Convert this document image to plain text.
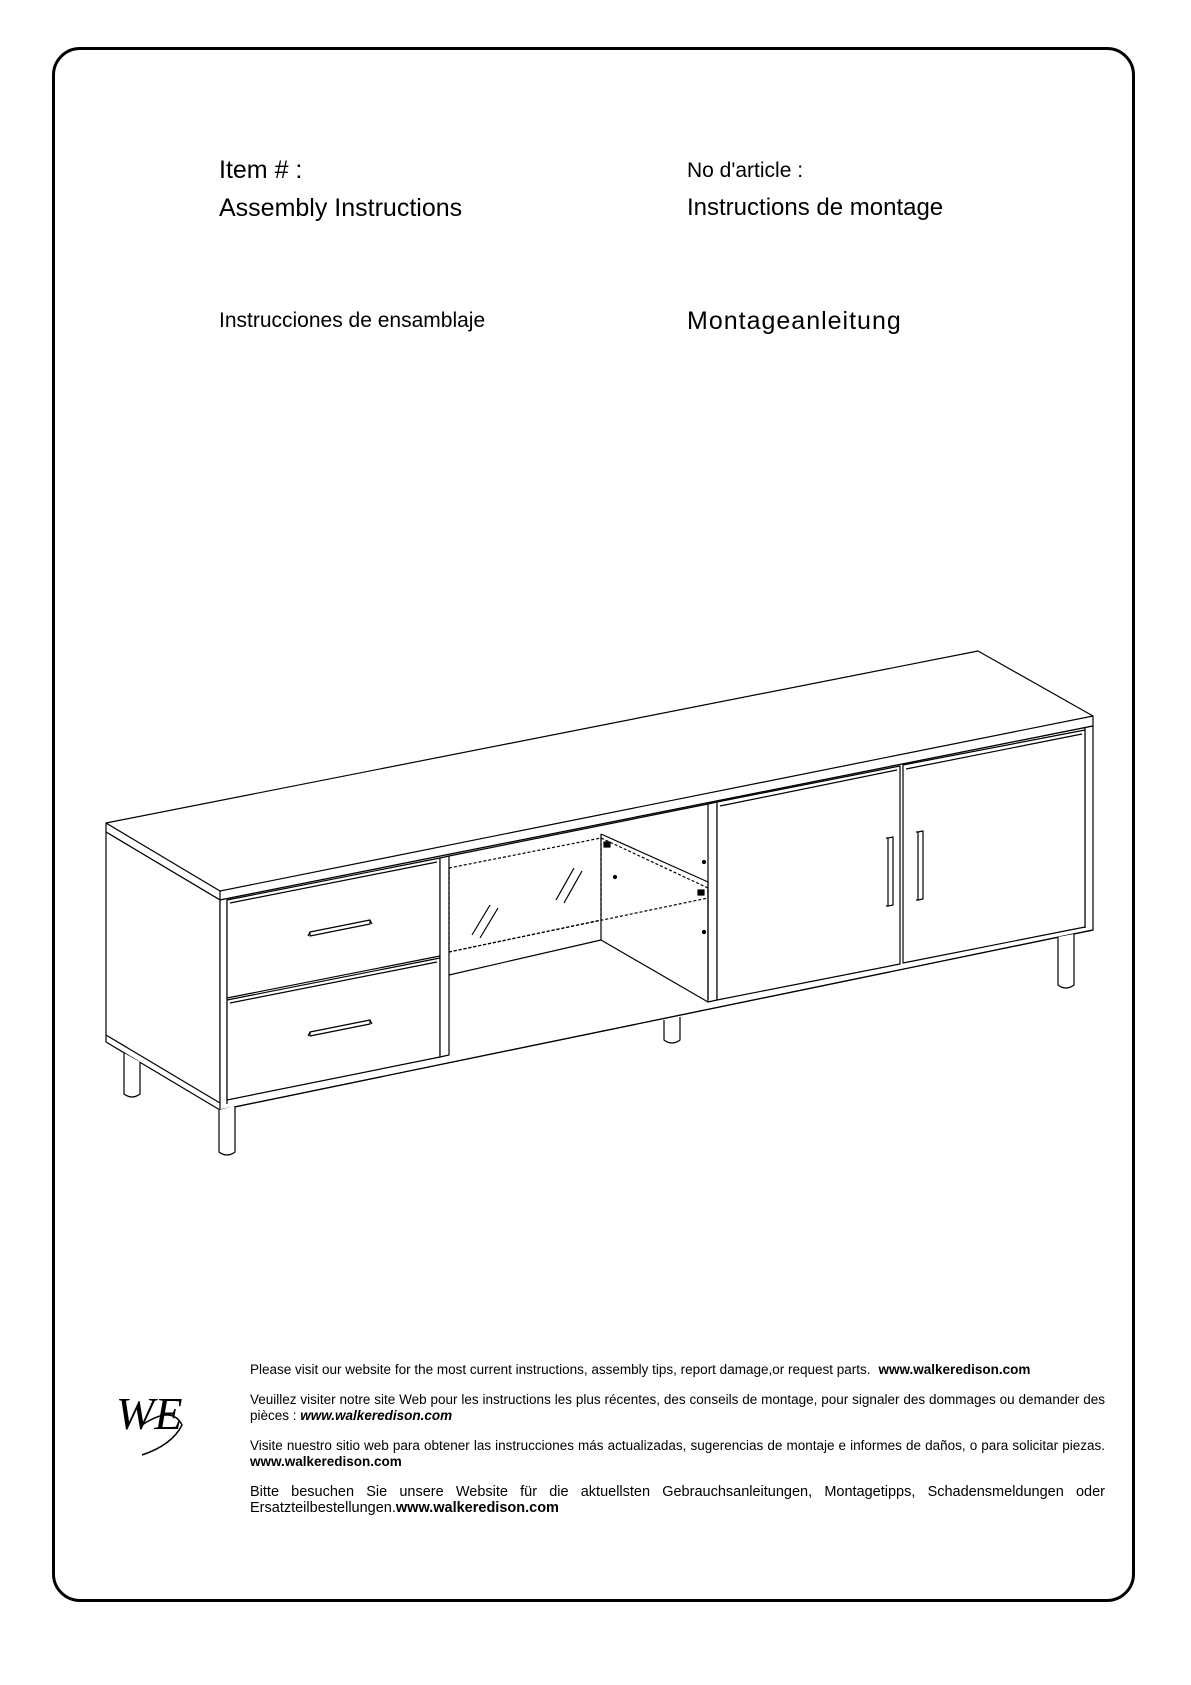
Item # :
Assembly Instructions
No d'article :
Instructions de montage
Instrucciones de ensamblaje	Montageanleitung
WE

Please visit our website for the most current instructions, assembly tips, report damage,or request parts. www.walkeredison.com

Veuillez visiter notre site Web pour les instructions les plus récentes, des conseils de montage, pour signaler des dommages ou demander des pièces : www.walkeredison.com

Visite nuestro sitio web para obtener las instrucciones más actualizadas, sugerencias de montaje e informes de daños, o para solicitar piezas. www.walkeredison.com

Bitte besuchen Sie unsere Website für die aktuellsten Gebrauchsanleitungen, Montagetipps, Schadensmeldungen oder Ersatzteilbestellungen.www.walkeredison.com
